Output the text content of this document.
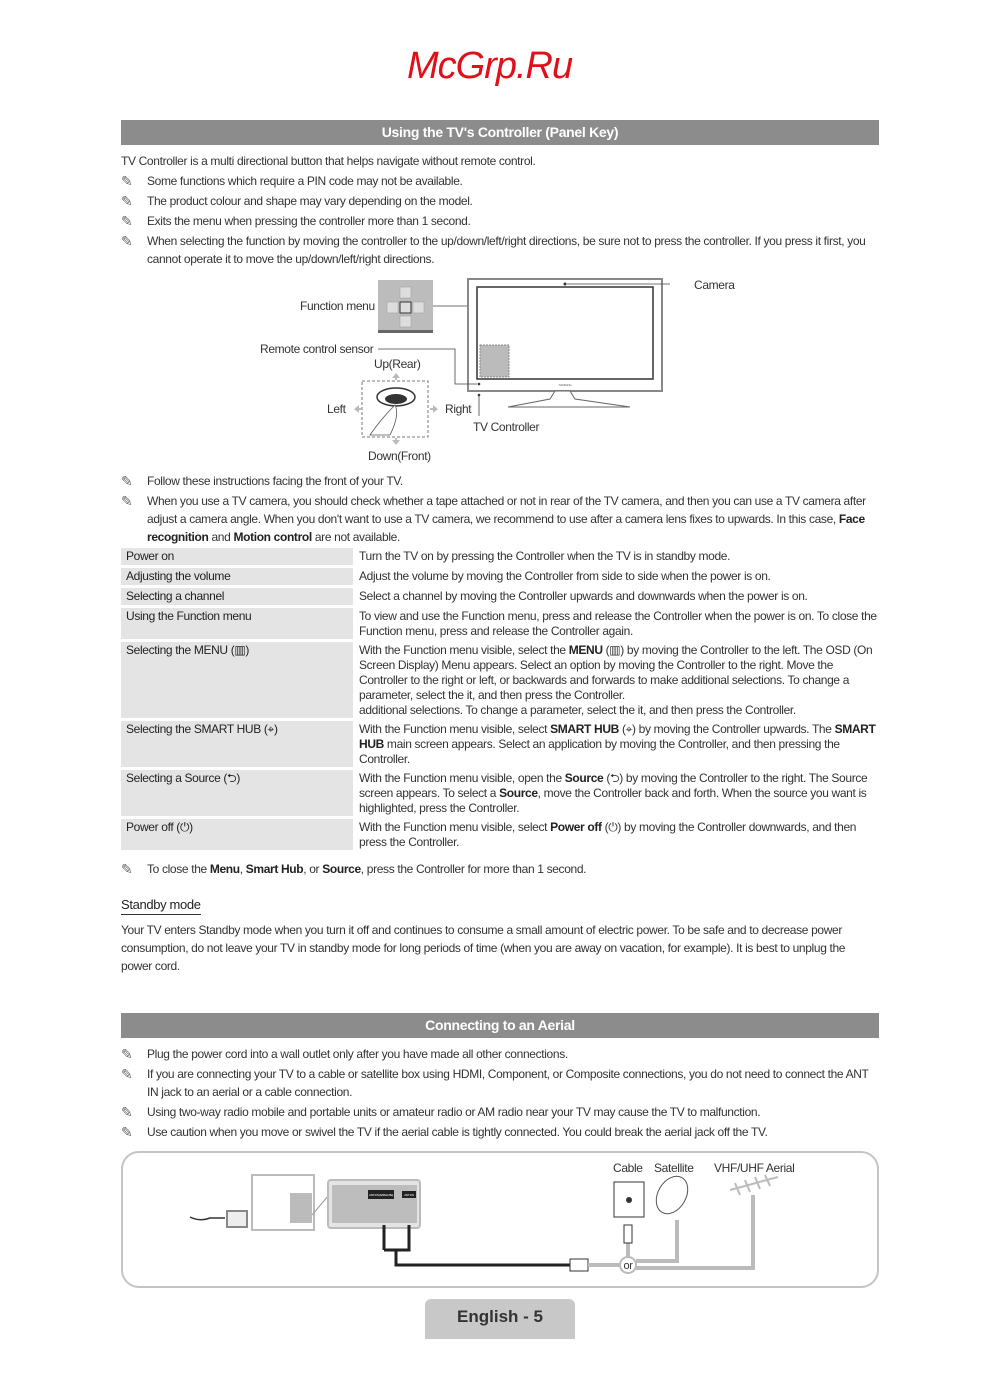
McGrp.Ru
Using the TV's Controller (Panel Key)
TV Controller is a multi directional button that helps navigate without remote control.
✎ Some functions which require a PIN code may not be available.
✎ The product colour and shape may vary depending on the model.
✎ Exits the menu when pressing the controller more than 1 second.
✎ When selecting the function by moving the controller to the up/down/left/right directions, be sure not to press the controller. If you press it first, you cannot operate it to move the up/down/left/right directions.
SAMSUNG
Function menu
Remote control sensor
Camera
Up(Rear)
Down(Front)
Left	Right
TV Controller
✎ Follow these instructions facing the front of your TV.
✎ When you use a TV camera, you should check whether a tape attached or not in rear of the TV camera, and then you can use a TV camera after adjust a camera angle. When you don't want to use a TV camera, we recommend to use after a camera lens fixes to upwards. In this case, Face recognition and Motion control are not available.
Power on	Turn the TV on by pressing the Controller when the TV is in standby mode.
Adjusting the volume	Adjust the volume by moving the Controller from side to side when the power is on.
Selecting a channel	Select a channel by moving the Controller upwards and downwards when the power is on.
Using the Function menu	To view and use the Function menu, press and release the Controller when the power is on. To close the Function menu, press and release the Controller again.
Selecting the MENU (▥)	With the Function menu visible, select the MENU (▥) by moving the Controller to the left. The OSD (On Screen Display) Menu appears. Select an option by moving the Controller to the right. Move the Controller to the right or left, or backwards and forwards to make additional selections. To change a parameter, select the it, and then press the Controller.
additional selections. To change a parameter, select the it, and then press the Controller.
Selecting the SMART HUB (⌖)	With the Function menu visible, select SMART HUB (⌖) by moving the Controller upwards. The SMART HUB main screen appears. Select an application by moving the Controller, and then pressing the Controller.
Selecting a Source (⮌)	With the Function menu visible, open the Source (⮌) by moving the Controller to the right. The Source screen appears. To select a Source, move the Controller back and forth. When the source you want is highlighted, press the Controller.
Power off (⏻)	With the Function menu visible, select Power off (⏻) by moving the Controller downwards, and then press the Controller.
✎ To close the Menu, Smart Hub, or Source, press the Controller for more than 1 second.
Standby mode
Your TV enters Standby mode when you turn it off and continues to consume a small amount of electric power. To be safe and to decrease power consumption, do not leave your TV in standby mode for long periods of time (when you are away on vacation, for example). It is best to unplug the power cord.
Connecting to an Aerial
✎ Plug the power cord into a wall outlet only after you have made all other connections.
✎ If you are connecting your TV to a cable or satellite box using HDMI, Component, or Composite connections, you do not need to connect the ANT IN jack to an aerial or a cable connection.
✎ Using two-way radio mobile and portable units or amateur radio or AM radio near your TV may cause the TV to malfunction.
✎ Use caution when you move or swivel the TV if the aerial cable is tightly connected. You could break the aerial jack off the TV.
ANT 2 IN (SATELLITE)	ANT 1 IN
or
Cable Satellite VHF/UHF Aerial
English - 5
